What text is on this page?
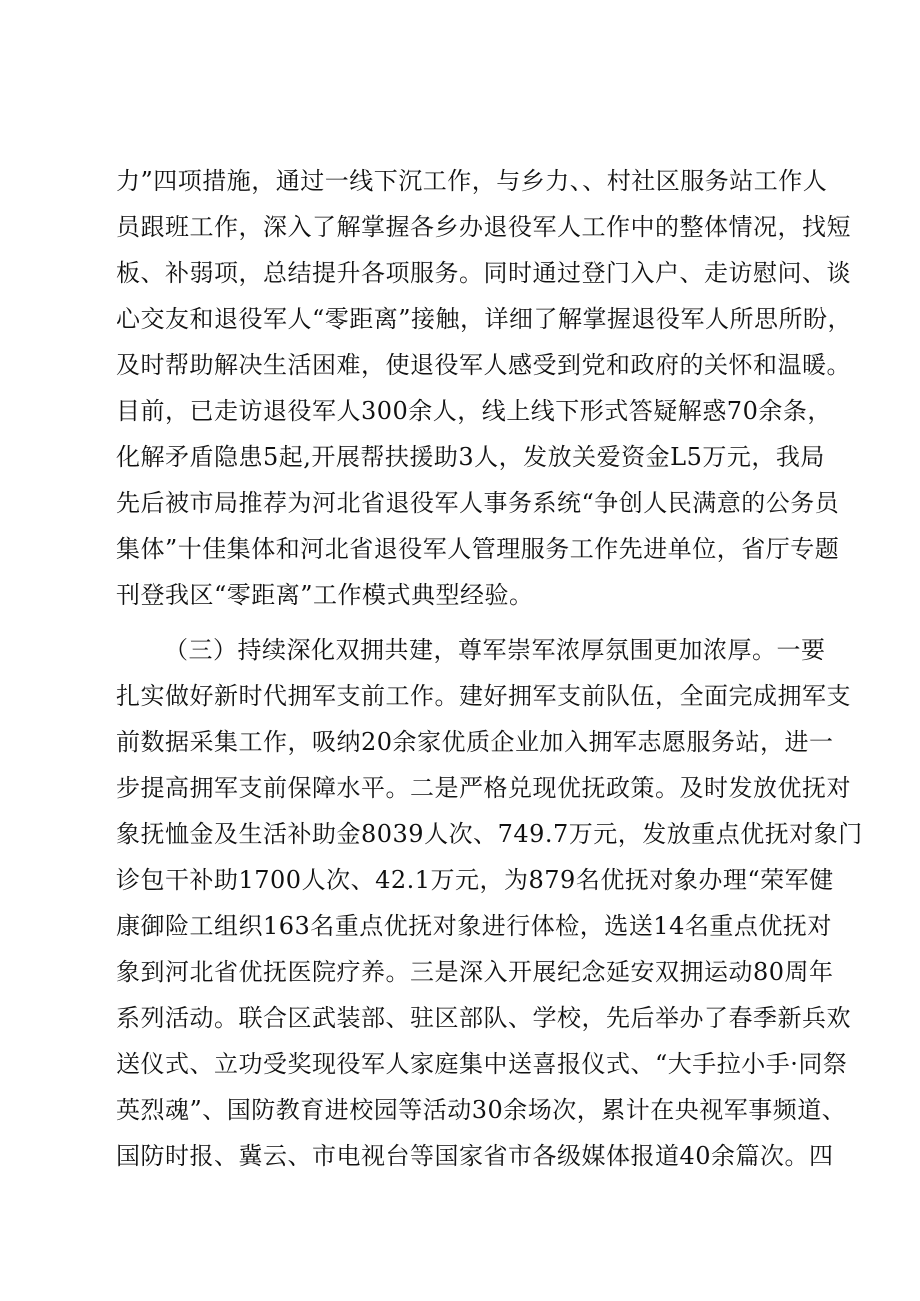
力”四项措施，通过一线下沉工作，与乡力、、村社区服务站工作人
员跟班工作，深入了解掌握各乡办退役军人工作中的整体情况，找短
板、补弱项，总结提升各项服务。同时通过登门入户、走访慰问、谈
心交友和退役军人“零距离”接触，详细了解掌握退役军人所思所盼，
及时帮助解决生活困难，使退役军人感受到党和政府的关怀和温暖。
目前，已走访退役军人300余人，线上线下形式答疑解惑70余条，
化解矛盾隐患5起,开展帮扶援助3人，发放关爱资金L5万元，我局
先后被市局推荐为河北省退役军人事务系统“争创人民满意的公务员
集体”十佳集体和河北省退役军人管理服务工作先进单位，省厅专题
刊登我区“零距离”工作模式典型经验。
（三）持续深化双拥共建，尊军崇军浓厚氛围更加浓厚。一要
扎实做好新时代拥军支前工作。建好拥军支前队伍，全面完成拥军支
前数据采集工作，吸纳20余家优质企业加入拥军志愿服务站，进一
步提高拥军支前保障水平。二是严格兑现优抚政策。及时发放优抚对
象抚恤金及生活补助金8039人次、749.7万元，发放重点优抚对象门
诊包干补助1700人次、42.1万元，为879名优抚对象办理“荣军健
康御险工组织163名重点优抚对象进行体检，选送14名重点优抚对
象到河北省优抚医院疗养。三是深入开展纪念延安双拥运动80周年
系列活动。联合区武装部、驻区部队、学校，先后举办了春季新兵欢
送仪式、立功受奖现役军人家庭集中送喜报仪式、“大手拉小手·同祭
英烈魂”、国防教育进校园等活动30余场次，累计在央视军事频道、
国防时报、冀云、市电视台等国家省市各级媒体报道40余篇次。四
